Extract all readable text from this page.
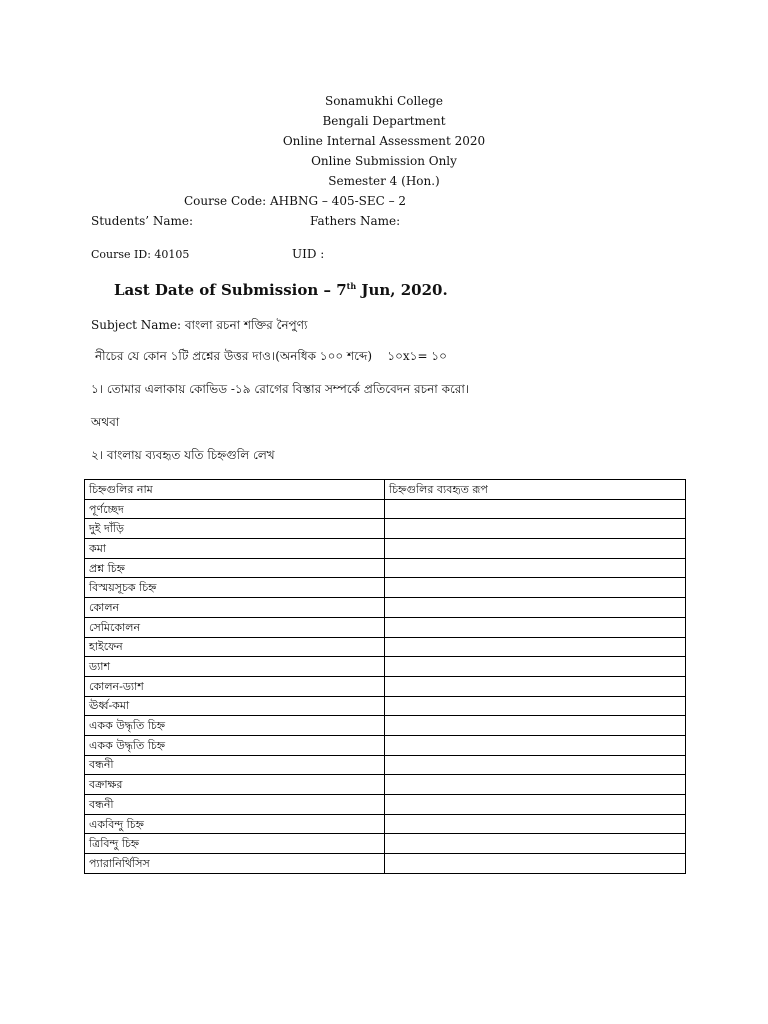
Sonamukhi College
Bengali Department
Online Internal Assessment 2020
Online Submission Only
Semester 4 (Hon.)
Course Code: AHBNG – 405-SEC – 2
Students’ Name:	Fathers Name:
Course ID: 40105	UID :
Last Date of Submission – 7th Jun, 2020.
Subject Name: বাংলা রচনা শক্তির নৈপুণ্য
নীচের যে কোন ১টি প্রশ্নের উত্তর দাও।(অনধিক ১০০ শব্দে)    ১০x১= ১০
১। তোমার এলাকায় কোভিড -১৯ রোগের বিস্তার সম্পর্কে প্রতিবেদন রচনা করো।
অথবা
২। বাংলায় ব্যবহৃত যতি চিহ্নগুলি লেখ
চিহ্নগুলির নাম	চিহ্নগুলির ব্যবহৃত রূপ
পূর্ণচ্ছেদ	
দুই দাঁড়ি	
কমা	
প্রশ্ন চিহ্ন	
বিস্ময়সূচক চিহ্ন	
কোলন	
সেমিকোলন	
হাইফেন	
ড্যাশ	
কোলন-ড্যাশ	
ঊর্ধ্ব-কমা	
একক উদ্ধৃতি চিহ্ন	
একক উদ্ধৃতি চিহ্ন	
বন্ধনী	
বক্রাক্ষর	
বন্ধনী	
একবিন্দু চিহ্ন	
ত্রিবিন্দু চিহ্ন	
প্যারানির্থিসিস	
